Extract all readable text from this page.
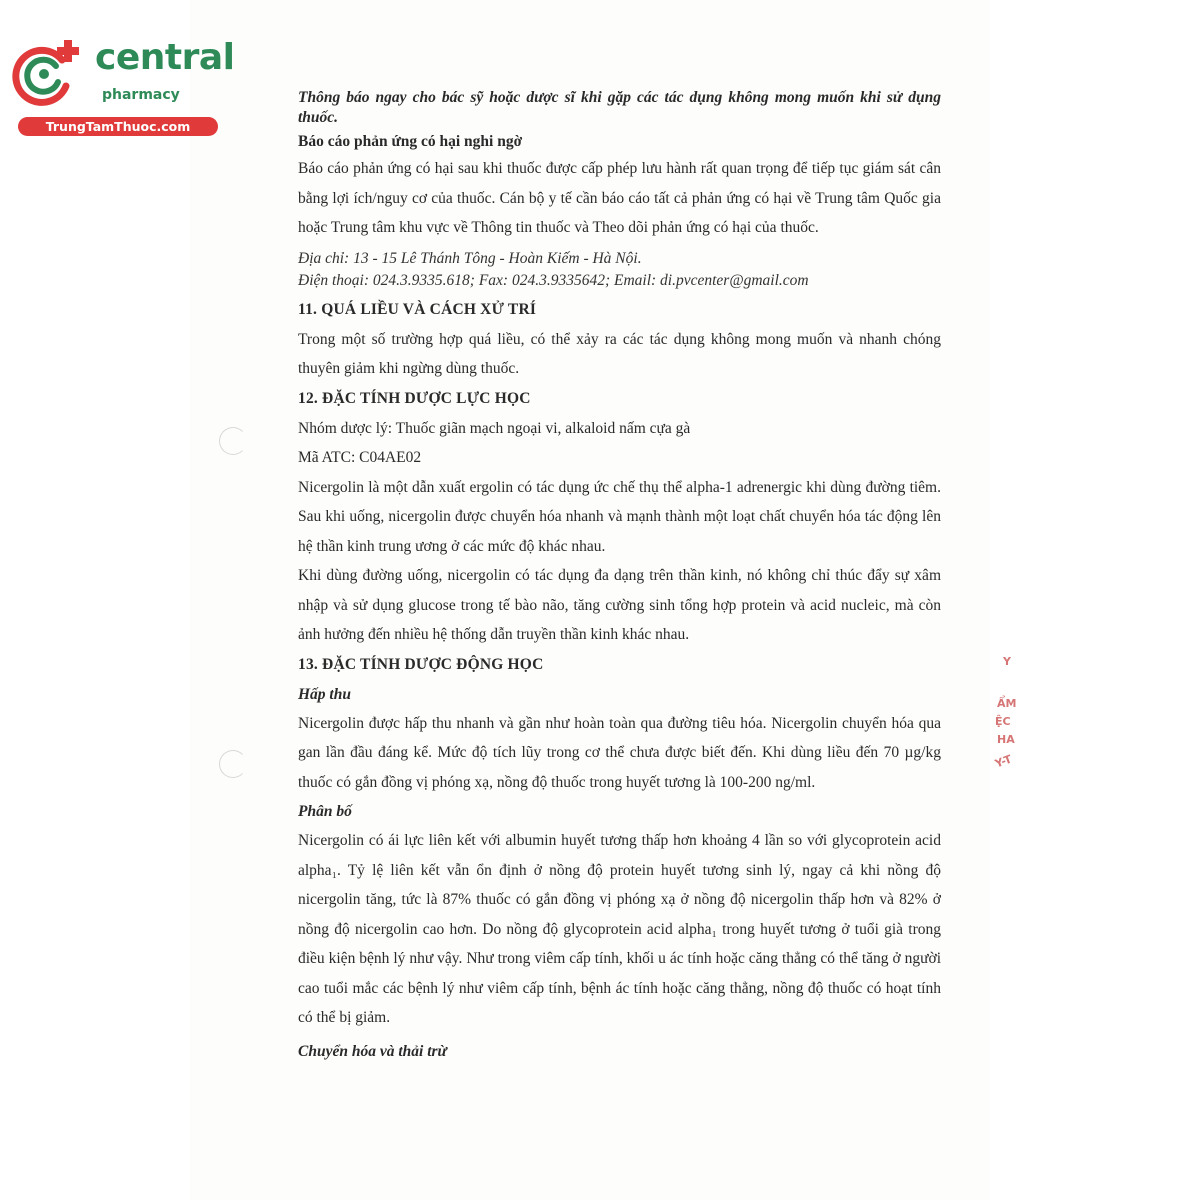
central
pharmacy
TrungTamThuoc.com

Thông báo ngay cho bác sỹ hoặc dược sĩ khi gặp các tác dụng không mong muốn khi sử dụng thuốc.

Báo cáo phản ứng có hại nghi ngờ

Báo cáo phản ứng có hại sau khi thuốc được cấp phép lưu hành rất quan trọng để tiếp tục giám sát cân bằng lợi ích/nguy cơ của thuốc. Cán bộ y tế cần báo cáo tất cả phản ứng có hại về Trung tâm Quốc gia hoặc Trung tâm khu vực về Thông tin thuốc và Theo dõi phản ứng có hại của thuốc.

Địa chỉ: 13 - 15 Lê Thánh Tông - Hoàn Kiếm - Hà Nội.
Điện thoại: 024.3.9335.618; Fax: 024.3.9335642; Email: di.pvcenter@gmail.com

11. QUÁ LIỀU VÀ CÁCH XỬ TRÍ

Trong một số trường hợp quá liều, có thể xảy ra các tác dụng không mong muốn và nhanh chóng thuyên giảm khi ngừng dùng thuốc.

12. ĐẶC TÍNH DƯỢC LỰC HỌC

Nhóm dược lý: Thuốc giãn mạch ngoại vi, alkaloid nấm cựa gà

Mã ATC: C04AE02

Nicergolin là một dẫn xuất ergolin có tác dụng ức chế thụ thể alpha-1 adrenergic khi dùng đường tiêm. Sau khi uống, nicergolin được chuyển hóa nhanh và mạnh thành một loạt chất chuyển hóa tác động lên hệ thần kinh trung ương ở các mức độ khác nhau.

Khi dùng đường uống, nicergolin có tác dụng đa dạng trên thần kinh, nó không chỉ thúc đẩy sự xâm nhập và sử dụng glucose trong tế bào não, tăng cường sinh tổng hợp protein và acid nucleic, mà còn ảnh hưởng đến nhiều hệ thống dẫn truyền thần kinh khác nhau.

13. ĐẶC TÍNH DƯỢC ĐỘNG HỌC

Hấp thu

Nicergolin được hấp thu nhanh và gần như hoàn toàn qua đường tiêu hóa. Nicergolin chuyển hóa qua gan lần đầu đáng kể. Mức độ tích lũy trong cơ thể chưa được biết đến. Khi dùng liều đến 70 µg/kg thuốc có gắn đồng vị phóng xạ, nồng độ thuốc trong huyết tương là 100-200 ng/ml.

Phân bố

Nicergolin có ái lực liên kết với albumin huyết tương thấp hơn khoảng 4 lần so với glycoprotein acid alpha₁. Tỷ lệ liên kết vẫn ổn định ở nồng độ protein huyết tương sinh lý, ngay cả khi nồng độ nicergolin tăng, tức là 87% thuốc có gắn đồng vị phóng xạ ở nồng độ nicergolin thấp hơn và 82% ở nồng độ nicergolin cao hơn. Do nồng độ glycoprotein acid alpha₁ trong huyết tương ở tuổi già trong điều kiện bệnh lý như vậy. Như trong viêm cấp tính, khối u ác tính hoặc căng thẳng có thể tăng ở người cao tuổi mắc các bệnh lý như viêm cấp tính, bệnh ác tính hoặc căng thẳng, nồng độ thuốc có hoạt tính có thể bị giảm.

Chuyển hóa và thải trừ

Y
ẨM
ỆC
HA
Y-T
